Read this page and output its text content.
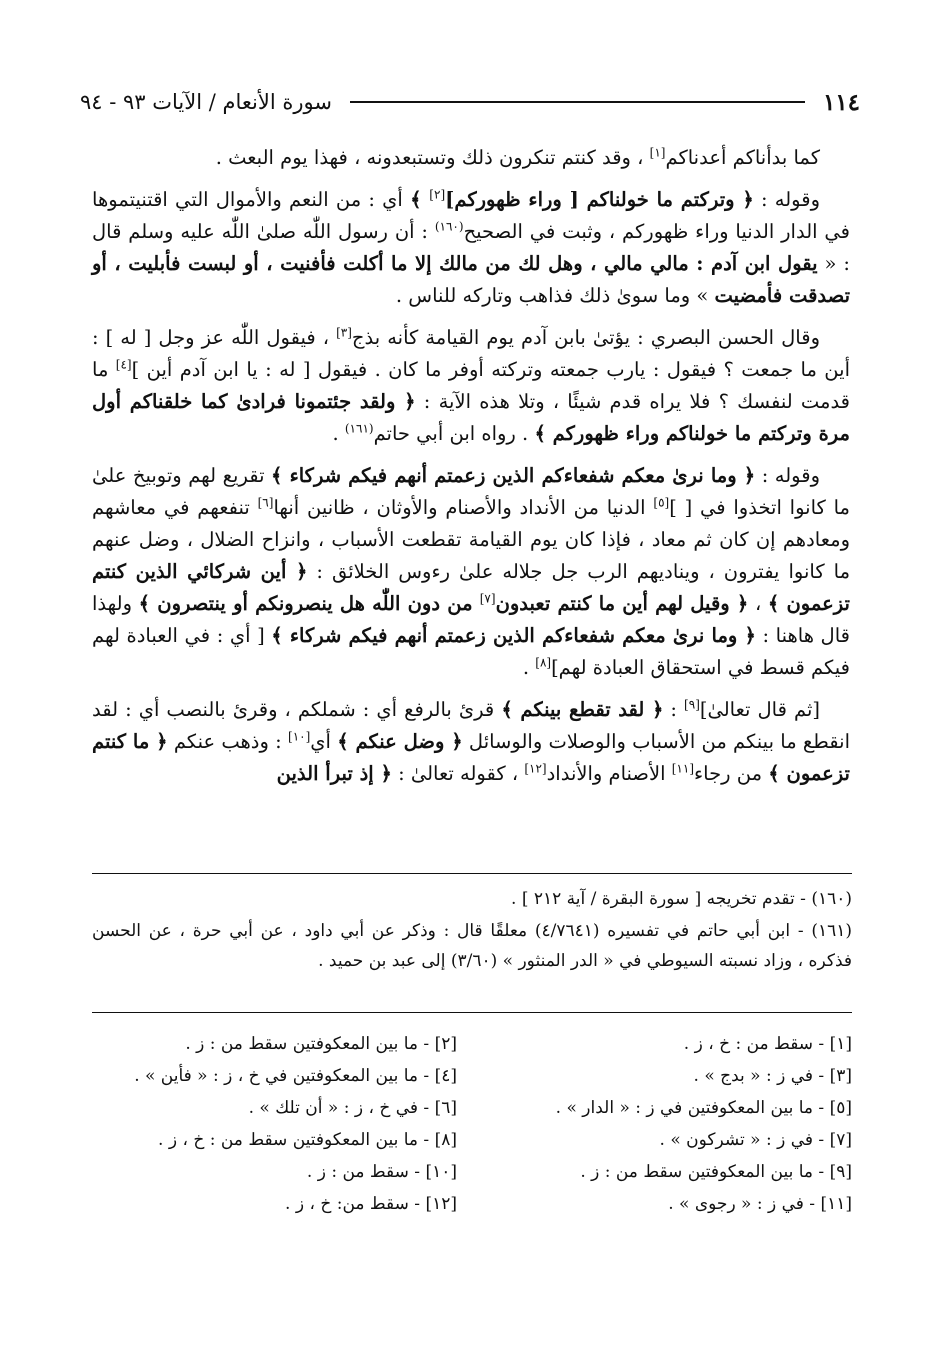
١١٤
سورة الأنعام / الآيات ٩٣ - ٩٤

كما بدأناكم أعدناكم[١] ، وقد كنتم تنكرون ذلك وتستبعدونه ، فهذا يوم البعث .

وقوله : ﴿ وتركتم ما خولناكم [ وراء ظهوركم][٢] ﴾ أي : من النعم والأموال التي اقتنيتموها في الدار الدنيا وراء ظهوركم ، وثبت في الصحيح$^{(١٦٠)}$ : أن رسول اللّٰه صلىٰ اللّٰه عليه وسلم قال : « يقول ابن آدم : مالي مالي ، وهل لك من مالك إلا ما أكلت فأفنيت ، أو لبست فأبليت ، أو تصدقت فأمضيت » وما سوىٰ ذلك فذاهب وتاركه للناس .

وقال الحسن البصري : يؤتىٰ بابن آدم يوم القيامة كأنه بذج[٣] ، فيقول اللّٰه عز وجل [ له ] : أين ما جمعت ؟ فيقول : يارب جمعته وتركته أوفر ما كان . فيقول [ له : يا ابن آدم أين ][٤] ما قدمت لنفسك ؟ فلا يراه قدم شيئًا ، وتلا هذه الآية : ﴿ ولقد جئتمونا فرادىٰ كما خلقناكم أول مرة وتركتم ما خولناكم وراء ظهوركم ﴾ . رواه ابن أبي حاتم$^{(١٦١)}$ .

وقوله : ﴿ وما نرىٰ معكم شفعاءكم الذين زعمتم أنهم فيكم شركاء ﴾ تقريع لهم وتوبيخ علىٰ ما كانوا اتخذوا في [ ][٥] الدنيا من الأنداد والأصنام والأوثان ، ظانين أنها[٦] تنفعهم في معاشهم ومعادهم إن كان ثم معاد ، فإذا كان يوم القيامة تقطعت الأسباب ، وانزاح الضلال ، وضل عنهم ما كانوا يفترون ، ويناديهم الرب جل جلاله علىٰ رءوس الخلائق : ﴿ أين شركائي الذين كنتم تزعمون ﴾ ، ﴿ وقيل لهم أين ما كنتم تعبدون[٧] من دون اللّٰه هل ينصرونكم أو ينتصرون ﴾ ولهذا قال هاهنا : ﴿ وما نرىٰ معكم شفعاءكم الذين زعمتم أنهم فيكم شركاء ﴾ [ أي : في العبادة لهم فيكم قسط في استحقاق العبادة لهم][٨] .

[ثم قال تعالىٰ][٩] : ﴿ لقد تقطع بينكم ﴾ قرئ بالرفع أي : شملكم ، وقرئ بالنصب أي : لقد انقطع ما بينكم من الأسباب والوصلات والوسائل ﴿ وضل عنكم ﴾ أي[١٠] : وذهب عنكم ﴿ ما كنتم تزعمون ﴾ من رجاء[١١] الأصنام والأنداد[١٢] ، كقوله تعالىٰ : ﴿ إذ تبرأ الذين

(١٦٠) - تقدم تخريجه [ سورة البقرة / آية ٢١٢ ] .

(١٦١) - ابن أبي حاتم في تفسيره (٤/٧٦٤١) معلقًا قال : وذكر عن أبي داود ، عن أبي حرة ، عن الحسن فذكره ، وزاد نسبته السيوطي في « الدر المنثور » (٣/٦٠) إلى عبد بن حميد .

[١] - سقط من : خ ، ز .
[٢] - ما بين المعكوفتين سقط من : ز .
[٣] - في ز : « بدج » .
[٤] - ما بين المعكوفتين في خ ، ز : « فأين » .
[٥] - ما بين المعكوفتين في ز : « الدار » .
[٦] - في خ ، ز : « أن تلك » .
[٧] - في ز : « تشركون » .
[٨] - ما بين المعكوفتين سقط من : خ ، ز .
[٩] - ما بين المعكوفتين سقط من : ز .
[١٠] - سقط من : ز .
[١١] - في ز : « رجوى » .
[١٢] - سقط من: خ ، ز .
